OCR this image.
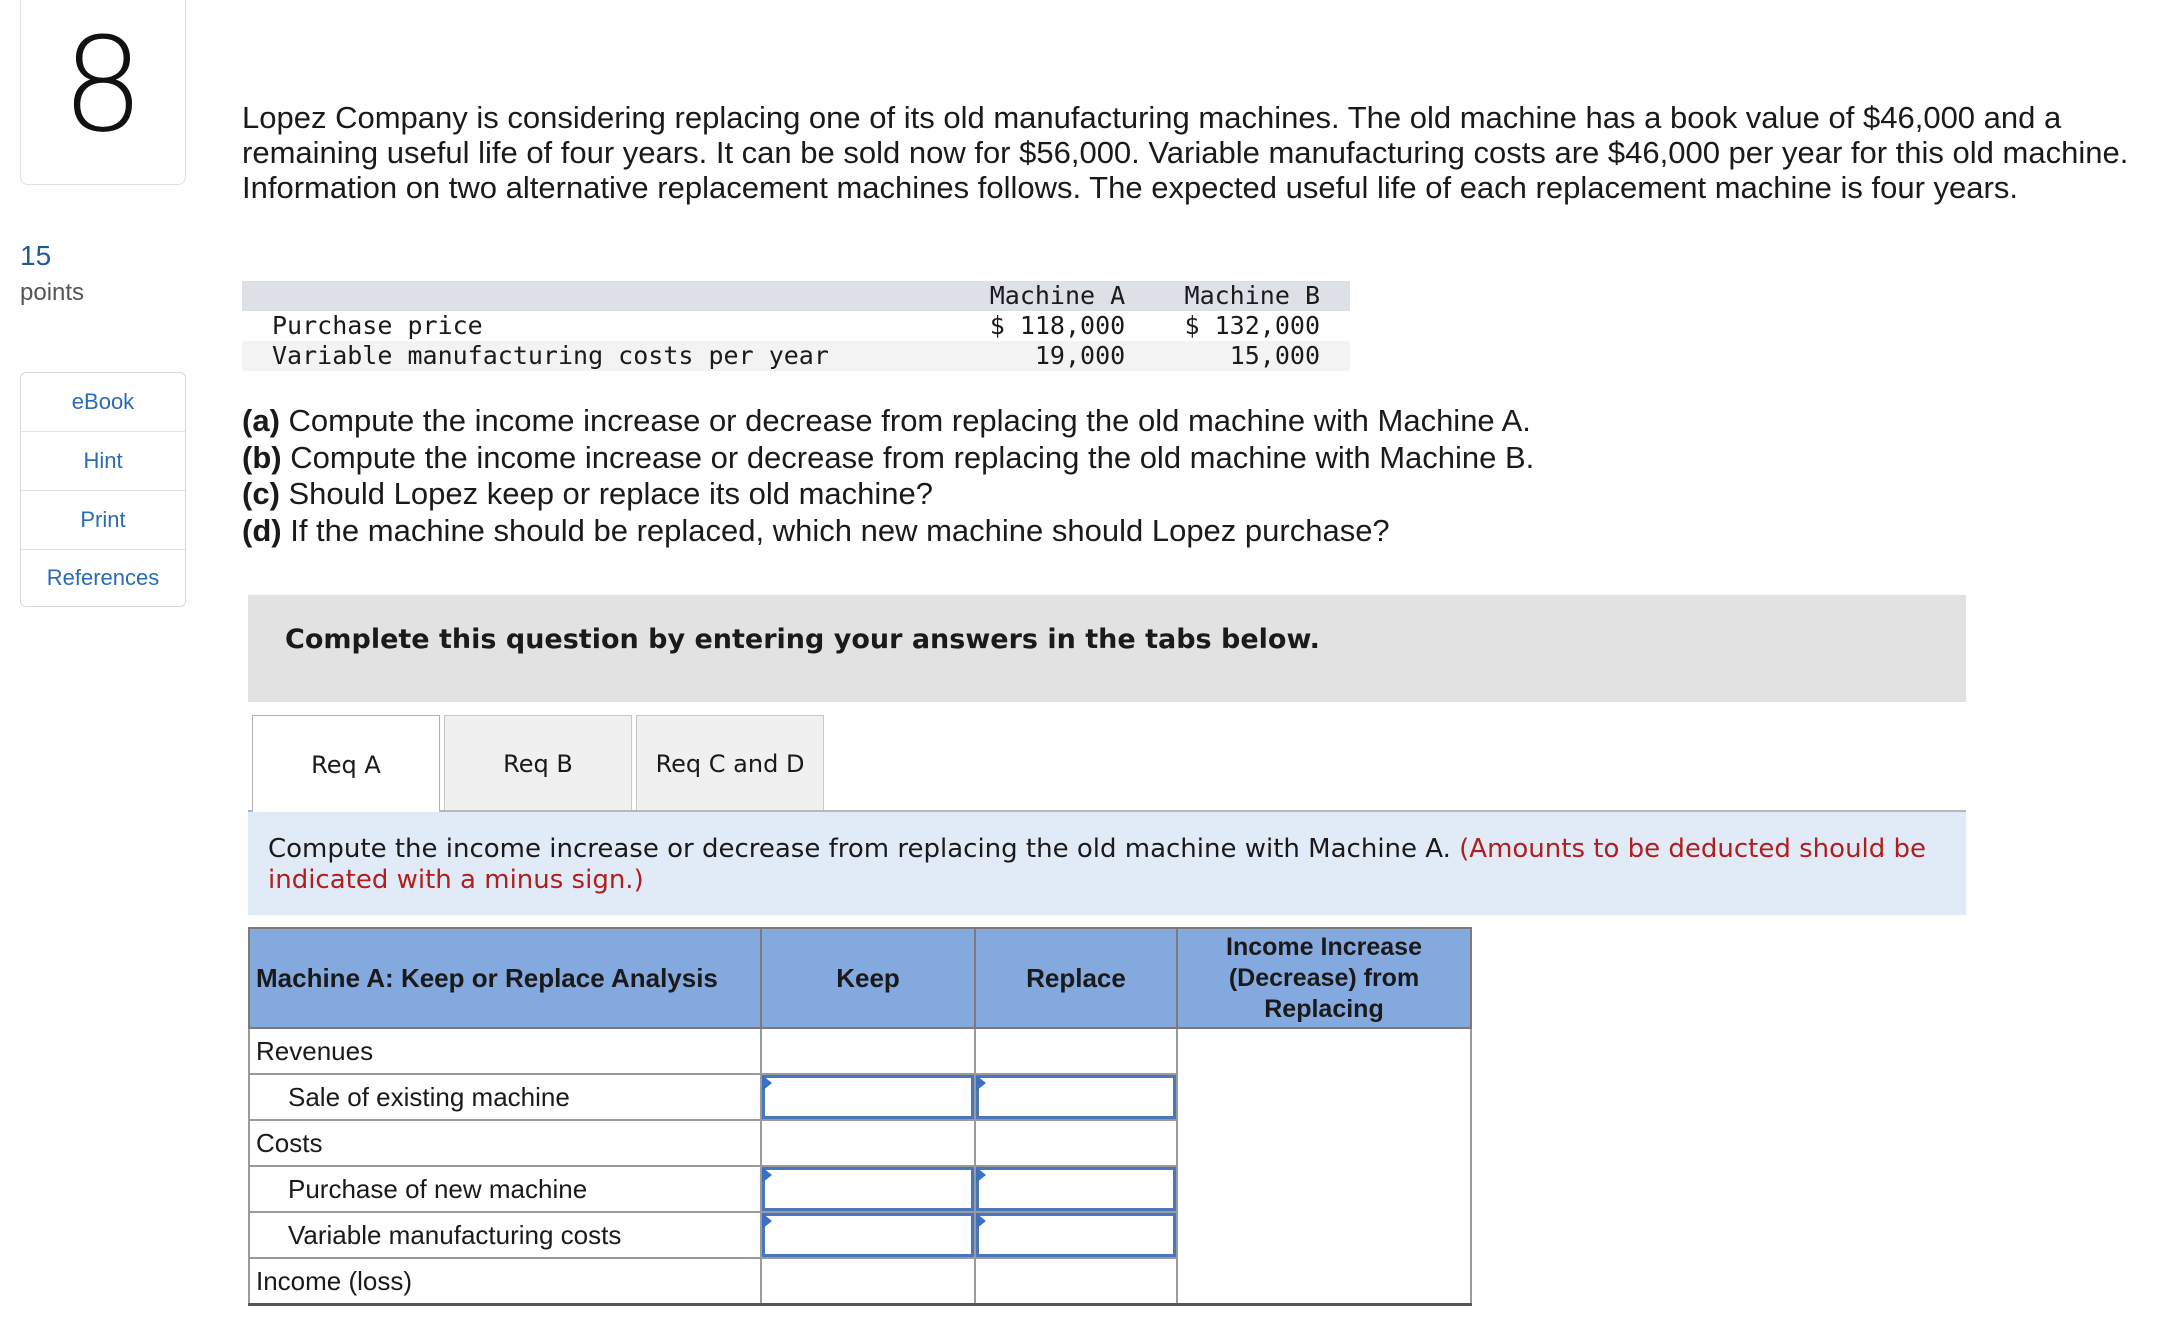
8
15
points
eBook
Hint
Print
References
Lopez Company is considering replacing one of its old manufacturing machines. The old machine has a book value of $46,000 and a remaining useful life of four years. It can be sold now for $56,000. Variable manufacturing costs are $46,000 per year for this old machine. Information on two alternative replacement machines follows. The expected useful life of each replacement machine is four years.
	Machine A	Machine B
Purchase price	$ 118,000	$ 132,000
Variable manufacturing costs per year	19,000	15,000
(a) Compute the income increase or decrease from replacing the old machine with Machine A.
(b) Compute the income increase or decrease from replacing the old machine with Machine B.
(c) Should Lopez keep or replace its old machine?
(d) If the machine should be replaced, which new machine should Lopez purchase?
Complete this question by entering your answers in the tabs below.
Req A	Req B	Req C and D

Compute the income increase or decrease from replacing the old machine with Machine A. (Amounts to be deducted should be indicated with a minus sign.)

Machine A: Keep or Replace Analysis	Keep	Replace	Income Increase (Decrease) from Replacing
Revenues			
Sale of existing machine	

Costs			
Purchase of new machine	

Variable manufacturing costs	

Income (loss)			
